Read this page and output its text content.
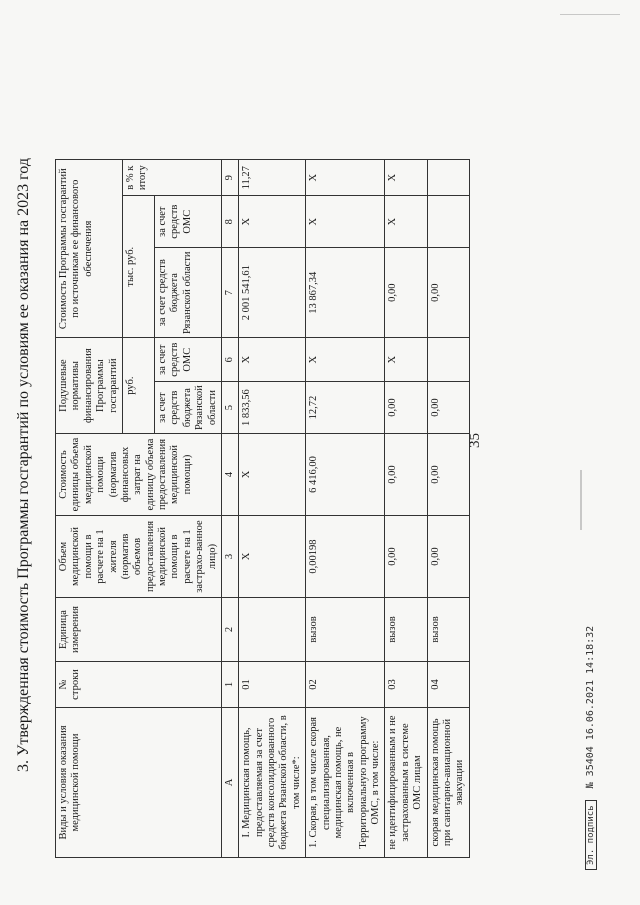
35
3. Утвержденная стоимость Программы госгарантий по условиям ее оказания на 2023 год
Виды и условия оказания медицинской помощи	№ строки	Единица измерения	Объем медицинской помощи в расчете на 1 жителя (норматив объемов предоставления медицинской помощи в расчете на 1 застрахо-ванное лицо)	Стоимость единицы объема медицинской помощи (норматив финансовых затрат на единицу объема предоставления медицинской помощи)	Подушевые нормативы финансирования Программы госгарантий		Стоимость Программы госгарантий по источникам ее финансового обеспечения		
					руб.		тыс. руб.		в % к итогу
					за счет средств бюджета Рязанской области	за счет средств ОМС	за счет средств бюджета Рязанской области	за счет средств ОМС	
А	1	2	3	4	5	6	7	8	9
I. Медицинская помощь, предоставляемая за счет средств консолидированного бюджета Рязанской области, в том числе*:	01		X	X	1 833,56	X	2 001 541,61	X	11,27
1. Скорая, в том числе скорая специализированная, медицинская помощь, не включенная в Территориальную программу ОМС, в том числе:	02	вызов	0,00198	6 416,00	12,72	X	13 867,34	X	X
не идентифицированным и не застрахованным в системе ОМС лицам	03	вызов	0,00	0,00	0,00	X	0,00	X	X
скорая медицинская помощь при санитарно-авиационной эвакуации	04	вызов	0,00	0,00	0,00		0,00		
Эл. подпись № 35404 16.06.2021 14:18:32
